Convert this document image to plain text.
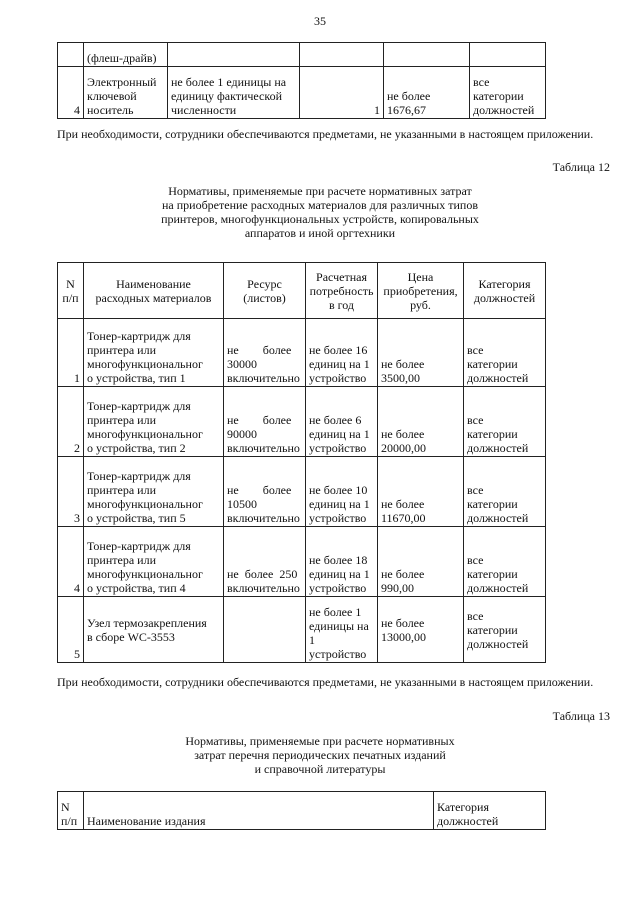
35
	(флеш-драйв)				
4	Электронный
ключевой
носитель	не более 1 единицы на
единицу фактической
численности	1	не более
1676,67	все
категории
должностей
При необходимости, сотрудники обеспечиваются предметами, не указанными в настоящем приложении.
Таблица 12
Нормативы, применяемые при расчете нормативных затрат
на приобретение расходных материалов для различных типов
принтеров, многофункциональных устройств, копировальных
аппаратов и иной оргтехники
N
п/п	Наименование
расходных материалов	Ресурс
(листов)	Расчетная
потребность
в год	Цена
приобретения,
руб.	Категория
должностей

1	Тонер-картридж для
принтера или
многофункциональног
о устройства, тип 1	не        более
30000
включительно	не более 16
единиц на 1
устройство	не более
3500,00	все
категории
должностей

2	Тонер-картридж для
принтера или
многофункциональног
о устройства, тип 2	не        более
90000
включительно	не более 6
единиц на 1
устройство	не более
20000,00	все
категории
должностей

3	Тонер-картридж для
принтера или
многофункциональног
о устройства, тип 5	не        более
10500
включительно	не более 10
единиц на 1
устройство	не более
11670,00	все
категории
должностей

4	Тонер-картридж для
принтера или
многофункциональног
о устройства, тип 4	не  более  250
включительно	не более 18
единиц на 1
устройство	не более
990,00	все
категории
должностей

5	Узел термозакрепления
в сборе WC-3553		не более 1
единицы на
1
устройство	не более
13000,00	все
категории
должностей
При необходимости, сотрудники обеспечиваются предметами, не указанными в настоящем приложении.
Таблица 13
Нормативы, применяемые при расчете нормативных
затрат перечня периодических печатных изданий
и справочной литературы
N
п/п	Наименование издания	
Категория
должностей
